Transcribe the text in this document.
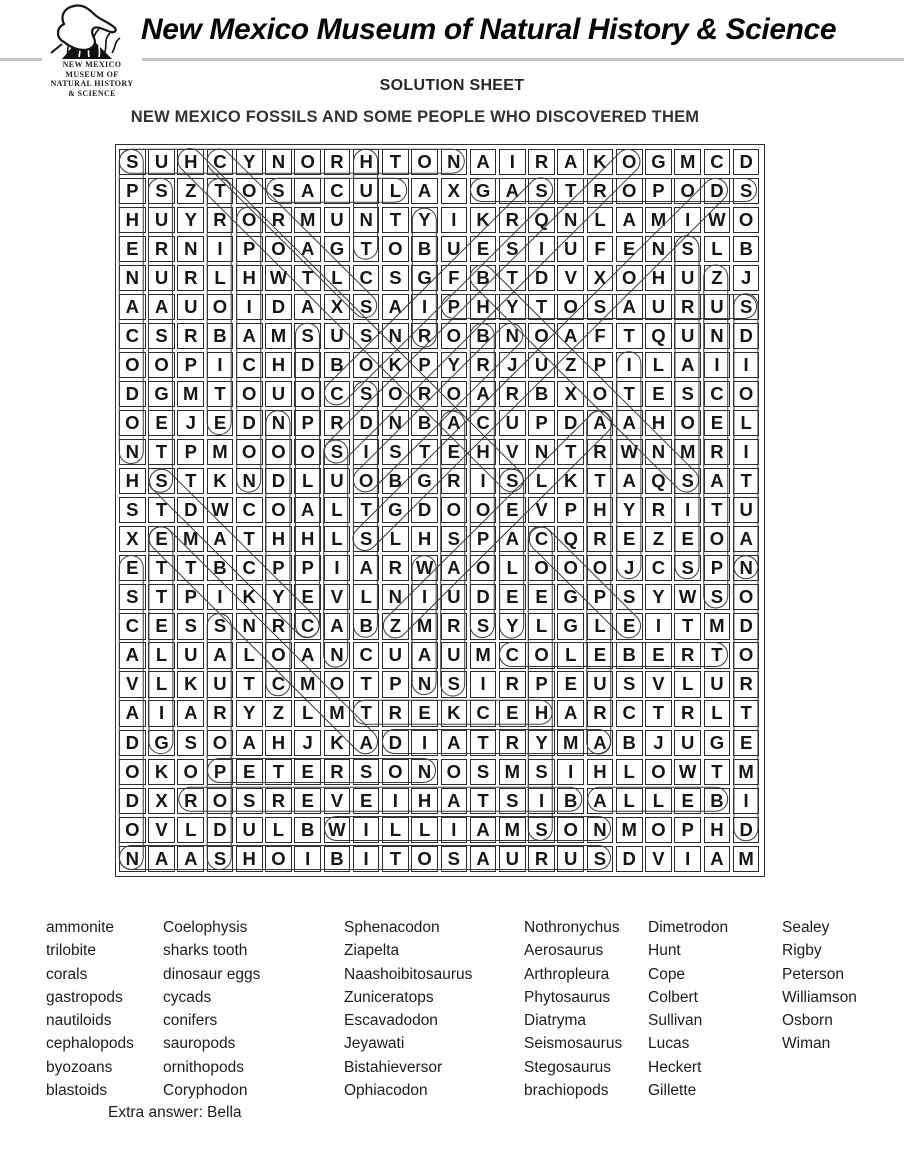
NEW MEXICO
MUSEUM OF
NATURAL HISTORY
& SCIENCE
New Mexico Museum of Natural History & Science
SOLUTION SHEET
NEW MEXICO FOSSILS AND SOME PEOPLE WHO DISCOVERED THEM
S U H C Y N O R H T O N A	I	R A K O G M C D
P S Z T O S A C U L A X G A S T R O P O D S
H U Y R O R M U N T Y	I	K R Q N L A M	I W O
E R N	I	P O A G T O B U E S	I	U F E N S L B
N U R L H W T L C S G F B T D V X O H U Z J
A A U O	I	D A X S A	I	P H Y T O S A U R U S
C S R B A M S U S N R O B N O A F T Q U N D
O O P	I	C H D B O K P Y R J U Z P	I	L A	I	I
D G M T O U O C S O R O A R B X O T E S C O
O E J E D N P R D N B A C U P D A A H O E L
N T P M O O O S	I	S T E H V N T R W N M R	I
H S T K N D L U O B G R	I	S L K T A Q S A T
S T D W C O A L T G D O O E V P H Y R	I	T U
X E M A T H H L S L H S P A C Q R E Z E O A
E T T B C P P	I	A R W A O L O O O J C S P N
S T P	I	K Y E V L N	I	U D E E G P S Y W S O
C E S S N R C A B Z M R S Y L G L E	I	T M D
A L U A L O A N C U A U M C O L E B E R T O
V L K U T C M O T P N S	I	R P E U S V L U R
A	I	A R Y Z L M T R E K C E H A R C T R L T
D G S O A H J K A D	I	A T R Y M A B J U G E
O K O P E T E R S O N O S M S	I	H L O W T M
D X R O S R E V E	I	H A T S	I	B A L L E B	I
O V L D U L B W I	L L	I	A M S O N M O P H D
N A A S H O	I	B	I	T O S A U R U S D V	I	A M
ammonite
trilobite
corals
gastropods
nautiloids
cephalopods
byozoans
blastoids
Coelophysis
sharks tooth
dinosaur eggs
cycads
conifers
sauropods
ornithopods
Coryphodon
Sphenacodon
Ziapelta
Naashoibitosaurus
Zuniceratops
Escavadodon
Jeyawati
Bistahieversor
Ophiacodon
Nothronychus
Aerosaurus
Arthropleura
Phytosaurus
Diatryma
Seismosaurus
Stegosaurus
brachiopods
Dimetrodon
Hunt
Cope
Colbert
Sullivan
Lucas
Heckert
Gillette
Sealey
Rigby
Peterson
Williamson
Osborn
Wiman
Extra answer: Bella
